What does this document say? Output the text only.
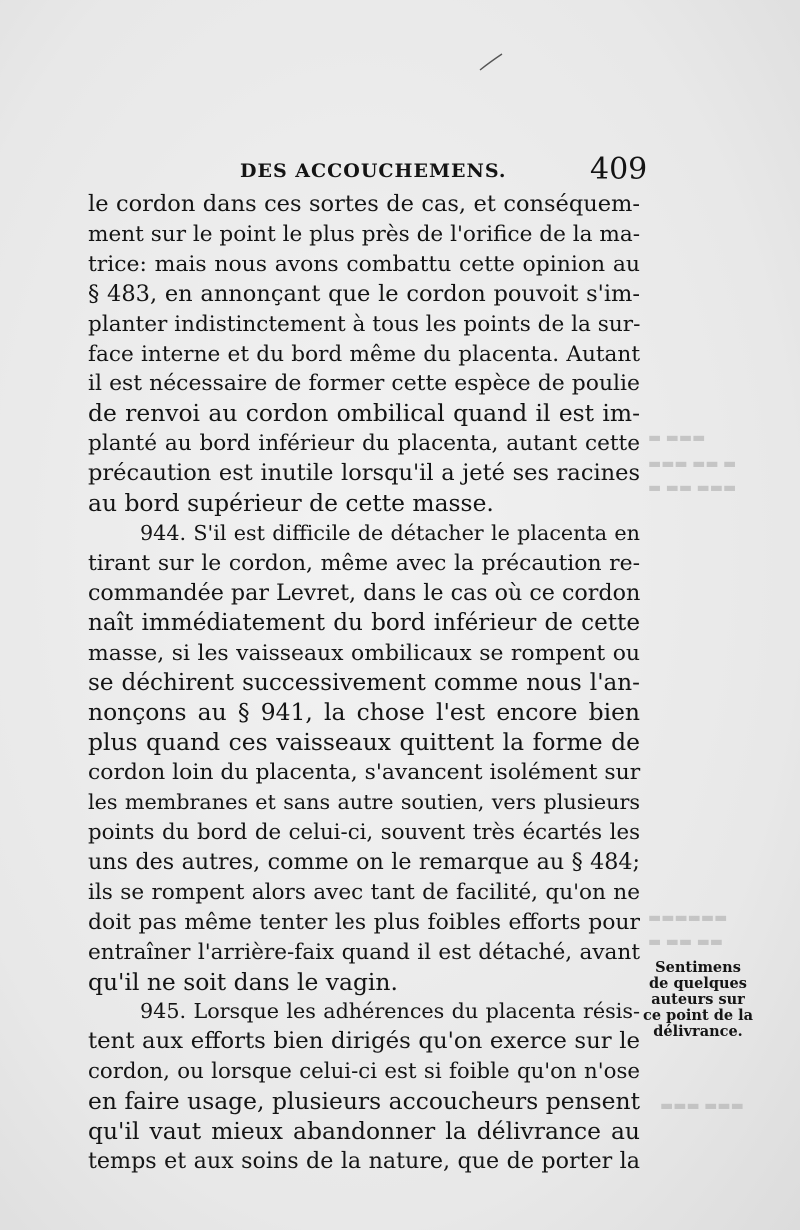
DES ACCOUCHEMENS.	409
le cordon dans ces sortes de cas, et conséquem-
ment sur le point le plus près de l'orifice de la ma-
trice: mais nous avons combattu cette opinion au
§ 483, en annonçant que le cordon pouvoit s'im-
planter indistinctement à tous les points de la sur-
face interne et du bord même du placenta. Autant
il est nécessaire de former cette espèce de poulie
de renvoi au cordon ombilical quand il est im-
planté au bord inférieur du placenta, autant cette
précaution est inutile lorsqu'il a jeté ses racines
au bord supérieur de cette masse.
944. S'il est difficile de détacher le placenta en
tirant sur le cordon, même avec la précaution re-
commandée par Levret, dans le cas où ce cordon
naît immédiatement du bord inférieur de cette
masse, si les vaisseaux ombilicaux se rompent ou
se déchirent successivement comme nous l'an-
nonçons au § 941, la chose l'est encore bien
plus quand ces vaisseaux quittent la forme de
cordon loin du placenta, s'avancent isolément sur
les membranes et sans autre soutien, vers plusieurs
points du bord de celui-ci, souvent très écartés les
uns des autres, comme on le remarque au § 484;
ils se rompent alors avec tant de facilité, qu'on ne
doit pas même tenter les plus foibles efforts pour
entraîner l'arrière-faix quand il est détaché, avant
qu'il ne soit dans le vagin.
945. Lorsque les adhérences du placenta résis-
tent aux efforts bien dirigés qu'on exerce sur le
cordon, ou lorsque celui-ci est si foible qu'on n'ose
en faire usage, plusieurs accoucheurs pensent
qu'il vaut mieux abandonner la délivrance au
temps et aux soins de la nature, que de porter la
Sentimens
de quelques
auteurs sur
ce point de la
délivrance.
▬▬▬ ▬
▬ ▬▬ ▬▬▬
▬▬▬ ▬▬ ▬
▬▬▬▬▬▬
▬▬ ▬▬ ▬
▬▬▬ ▬▬▬
